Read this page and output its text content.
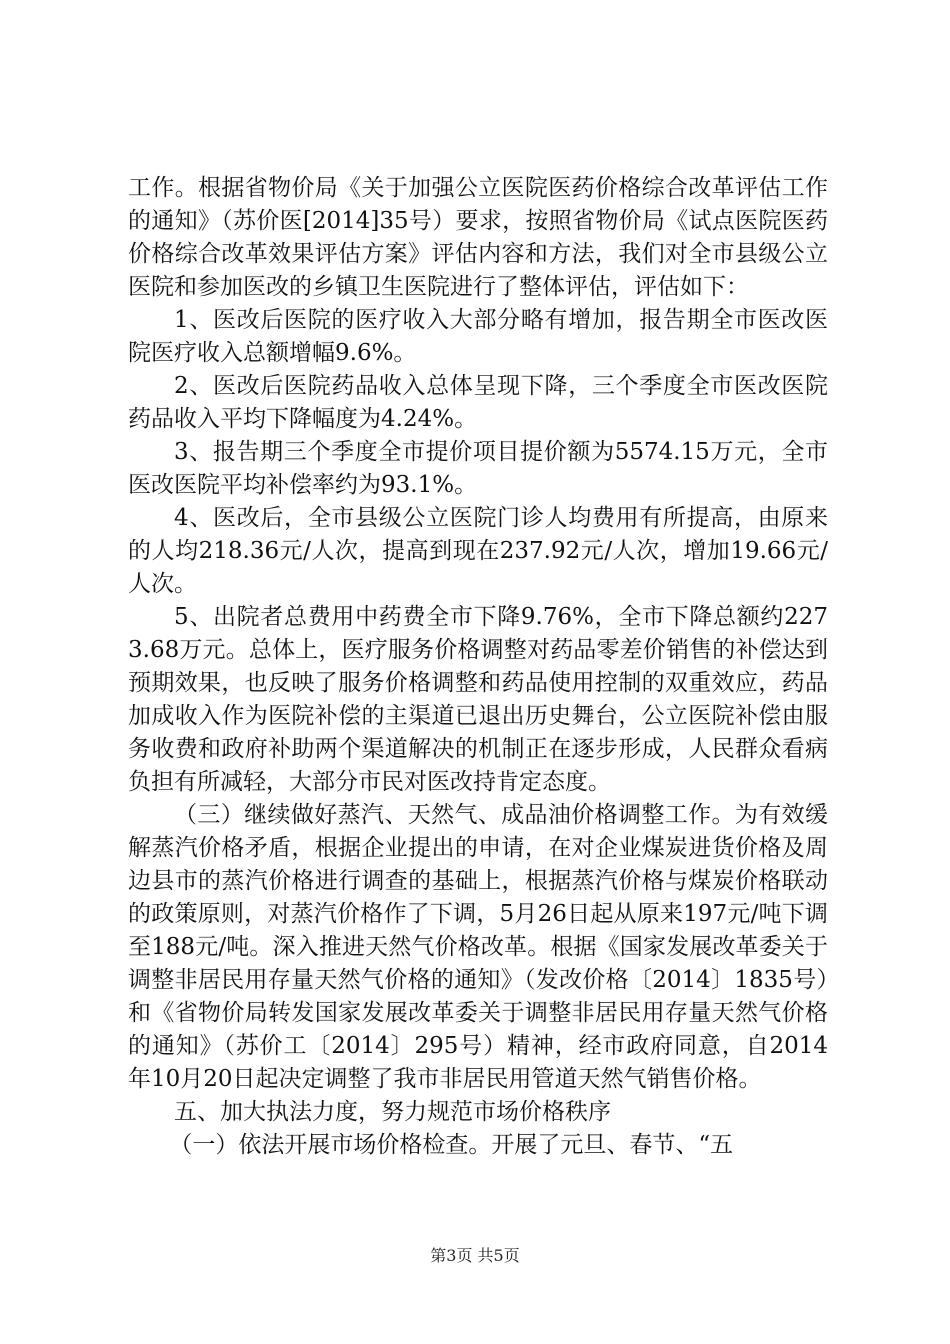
工作。根据省物价局《关于加强公立医院医药价格综合改革评估工作的通知》（苏价医[2014]35号）要求，按照省物价局《试点医院医药价格综合改革效果评估方案》评估内容和方法，我们对全市县级公立医院和参加医改的乡镇卫生医院进行了整体评估，评估如下：

1、医改后医院的医疗收入大部分略有增加，报告期全市医改医院医疗收入总额增幅9.6%。

2、医改后医院药品收入总体呈现下降，三个季度全市医改医院药品收入平均下降幅度为4.24%。

3、报告期三个季度全市提价项目提价额为5574.15万元，全市医改医院平均补偿率约为93.1%。

4、医改后，全市县级公立医院门诊人均费用有所提高，由原来的人均218.36元/人次，提高到现在237.92元/人次，增加19.66元/人次。

5、出院者总费用中药费全市下降9.76%，全市下降总额约2273.68万元。总体上，医疗服务价格调整对药品零差价销售的补偿达到预期效果，也反映了服务价格调整和药品使用控制的双重效应，药品加成收入作为医院补偿的主渠道已退出历史舞台，公立医院补偿由服务收费和政府补助两个渠道解决的机制正在逐步形成，人民群众看病负担有所减轻，大部分市民对医改持肯定态度。

（三）继续做好蒸汽、天然气、成品油价格调整工作。为有效缓解蒸汽价格矛盾，根据企业提出的申请，在对企业煤炭进货价格及周边县市的蒸汽价格进行调查的基础上，根据蒸汽价格与煤炭价格联动的政策原则，对蒸汽价格作了下调，5月26日起从原来197元/吨下调至188元/吨。深入推进天然气价格改革。根据《国家发展改革委关于调整非居民用存量天然气价格的通知》（发改价格〔2014〕1835号）和《省物价局转发国家发展改革委关于调整非居民用存量天然气价格的通知》（苏价工〔2014〕295号）精神，经市政府同意，自2014年10月20日起决定调整了我市非居民用管道天然气销售价格。

五、加大执法力度，努力规范市场价格秩序

（一）依法开展市场价格检查。开展了元旦、春节、“五

第3页 共5页
